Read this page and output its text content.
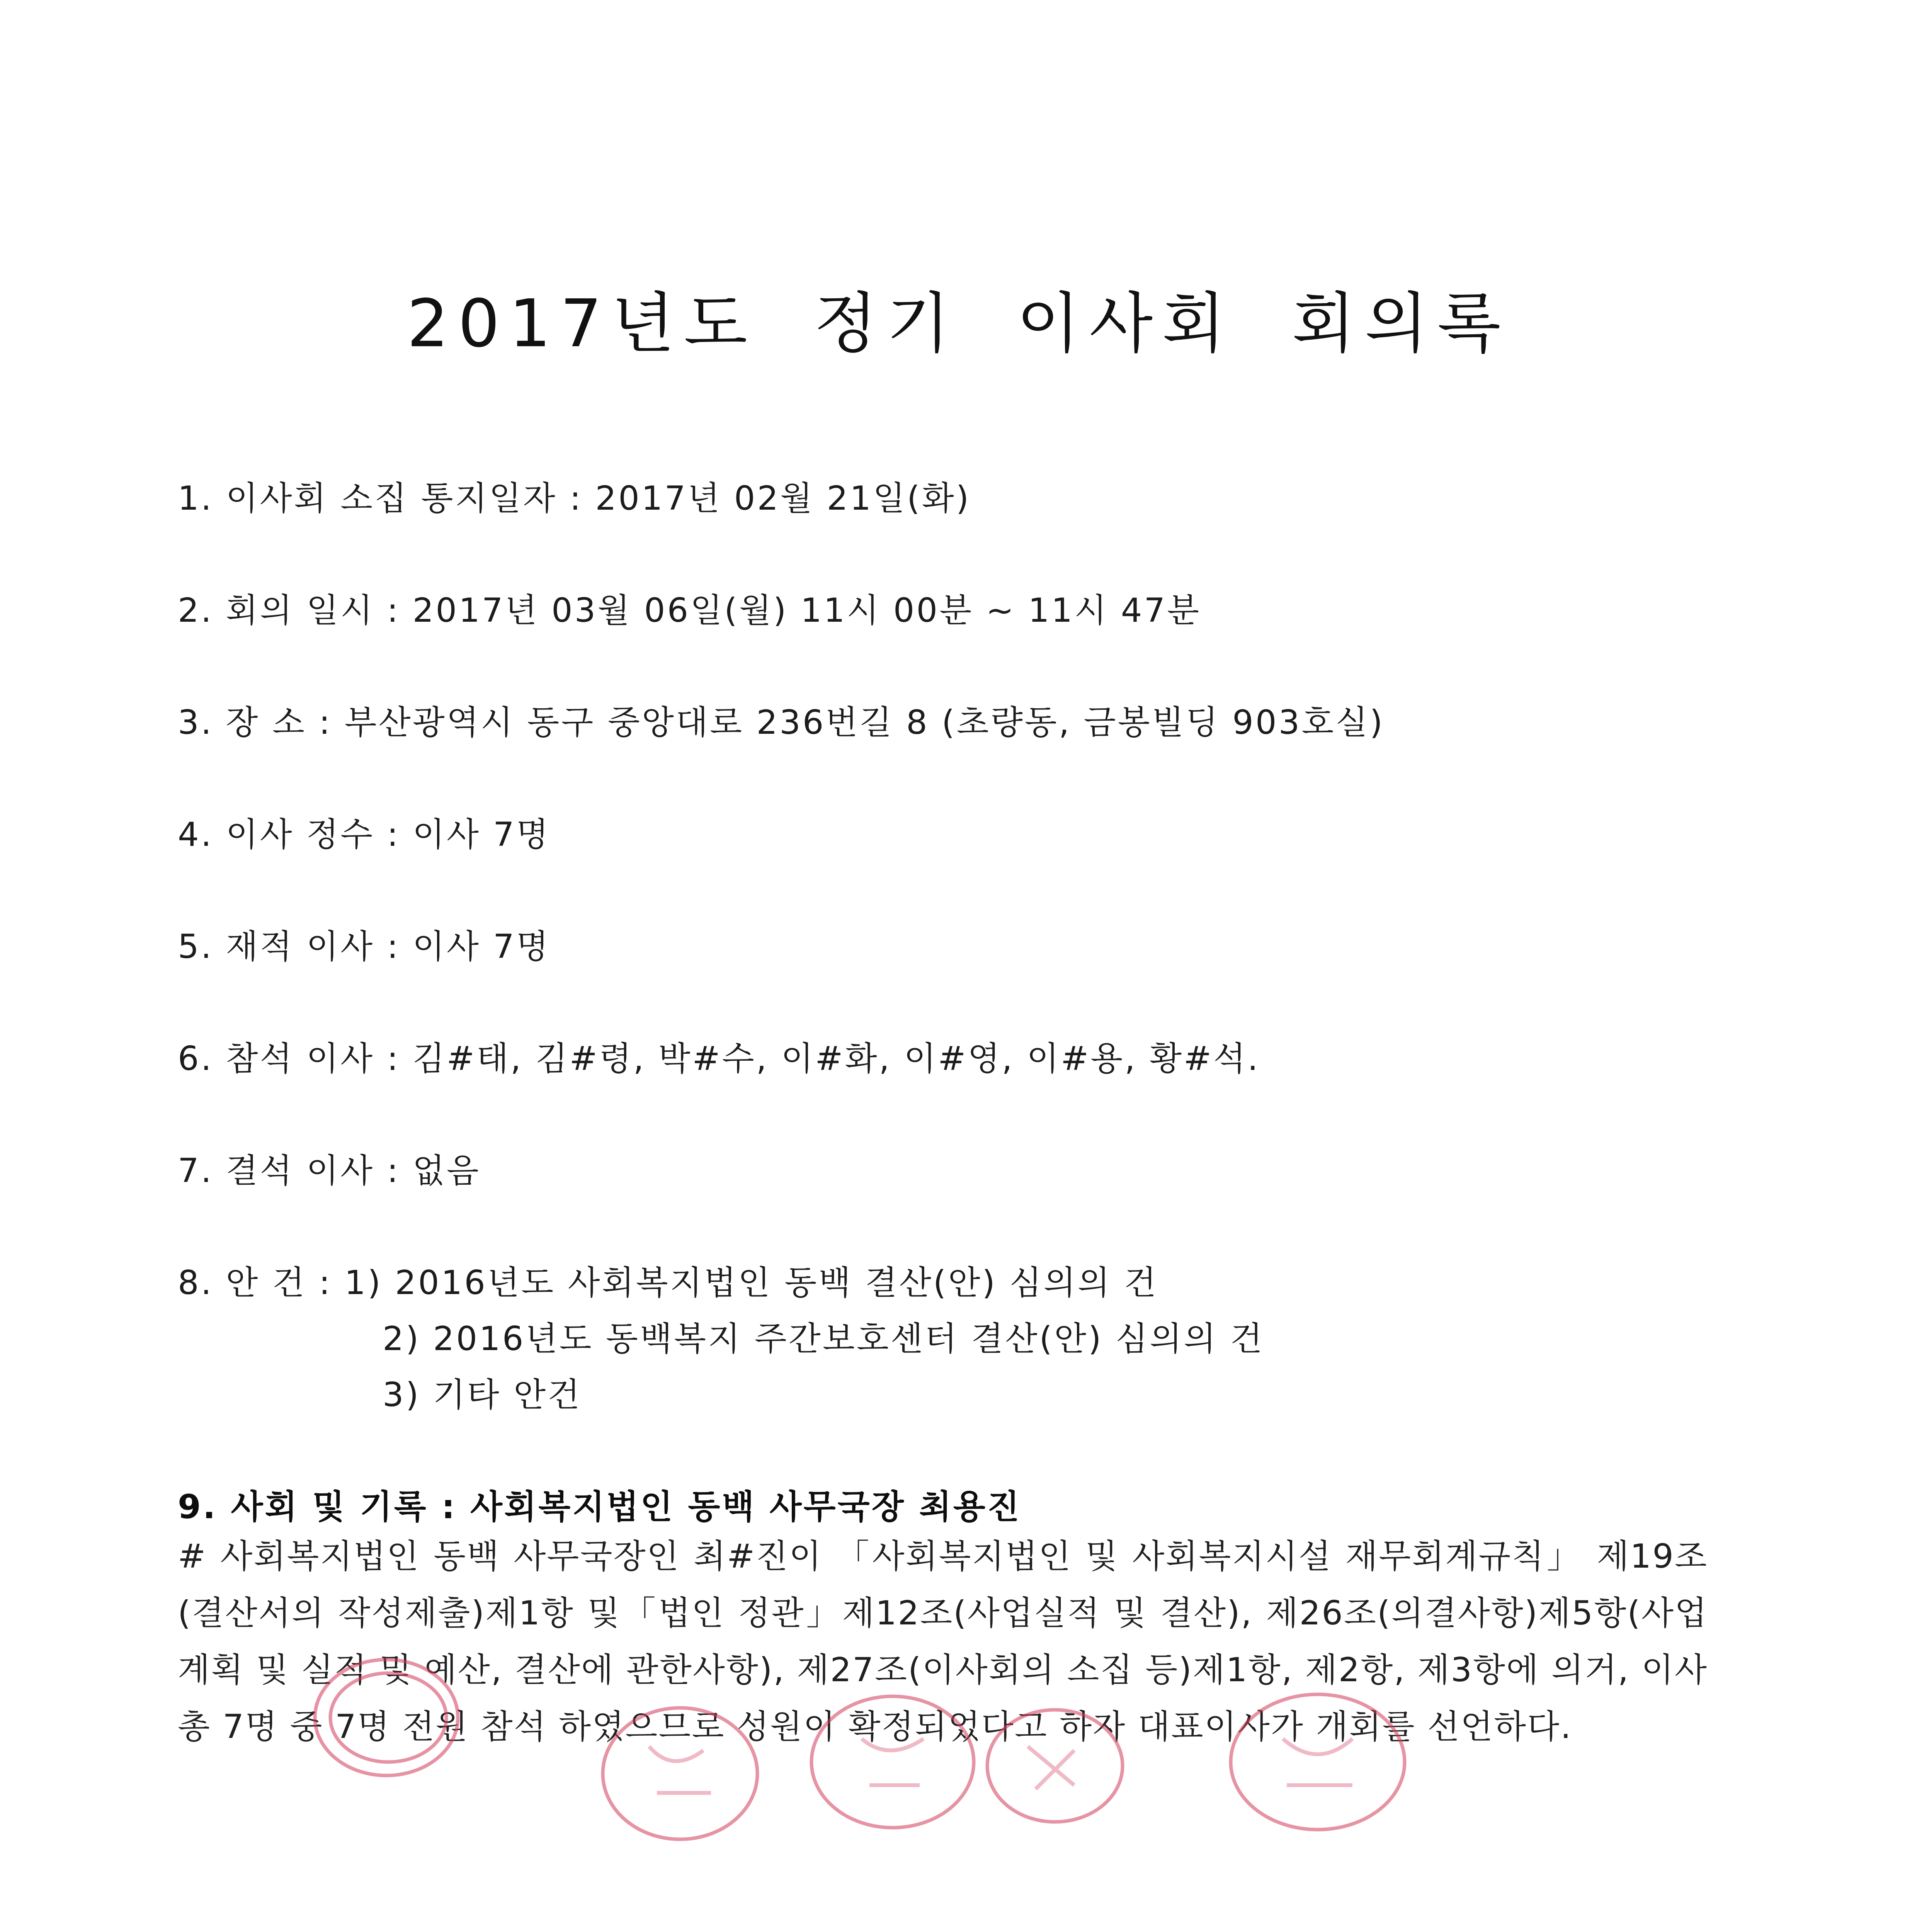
2017년도 정기 이사회 회의록
1. 이사회 소집 통지일자 : 2017년 02월 21일(화)
2. 회의 일시 : 2017년 03월 06일(월) 11시 00분 ~ 11시 47분
3. 장 소 : 부산광역시 동구 중앙대로 236번길 8 (초량동, 금봉빌딩 903호실)
4. 이사 정수 : 이사 7명
5. 재적 이사 : 이사 7명
6. 참석 이사 : 김#태, 김#령, 박#수, 이#화, 이#영, 이#용, 황#석.
7. 결석 이사 : 없음
8. 안 건 : 1) 2016년도 사회복지법인 동백 결산(안) 심의의 건
2) 2016년도 동백복지 주간보호센터 결산(안) 심의의 건
3) 기타 안건
9. 사회 및 기록 : 사회복지법인 동백 사무국장 최용진
# 사회복지법인 동백 사무국장인 최#진이 「사회복지법인 및 사회복지시설 재무회계규칙」 제19조(결산서의 작성제출)제1항 및「법인 정관」제12조(사업실적 및 결산), 제26조(의결사항)제5항(사업계획 및 실적 및 예산, 결산에 관한사항), 제27조(이사회의 소집 등)제1항, 제2항, 제3항에 의거, 이사 총 7명 중 7명 전원 참석 하였으므로 성원이 확정되었다고 하자 대표이사가 개회를 선언하다.
